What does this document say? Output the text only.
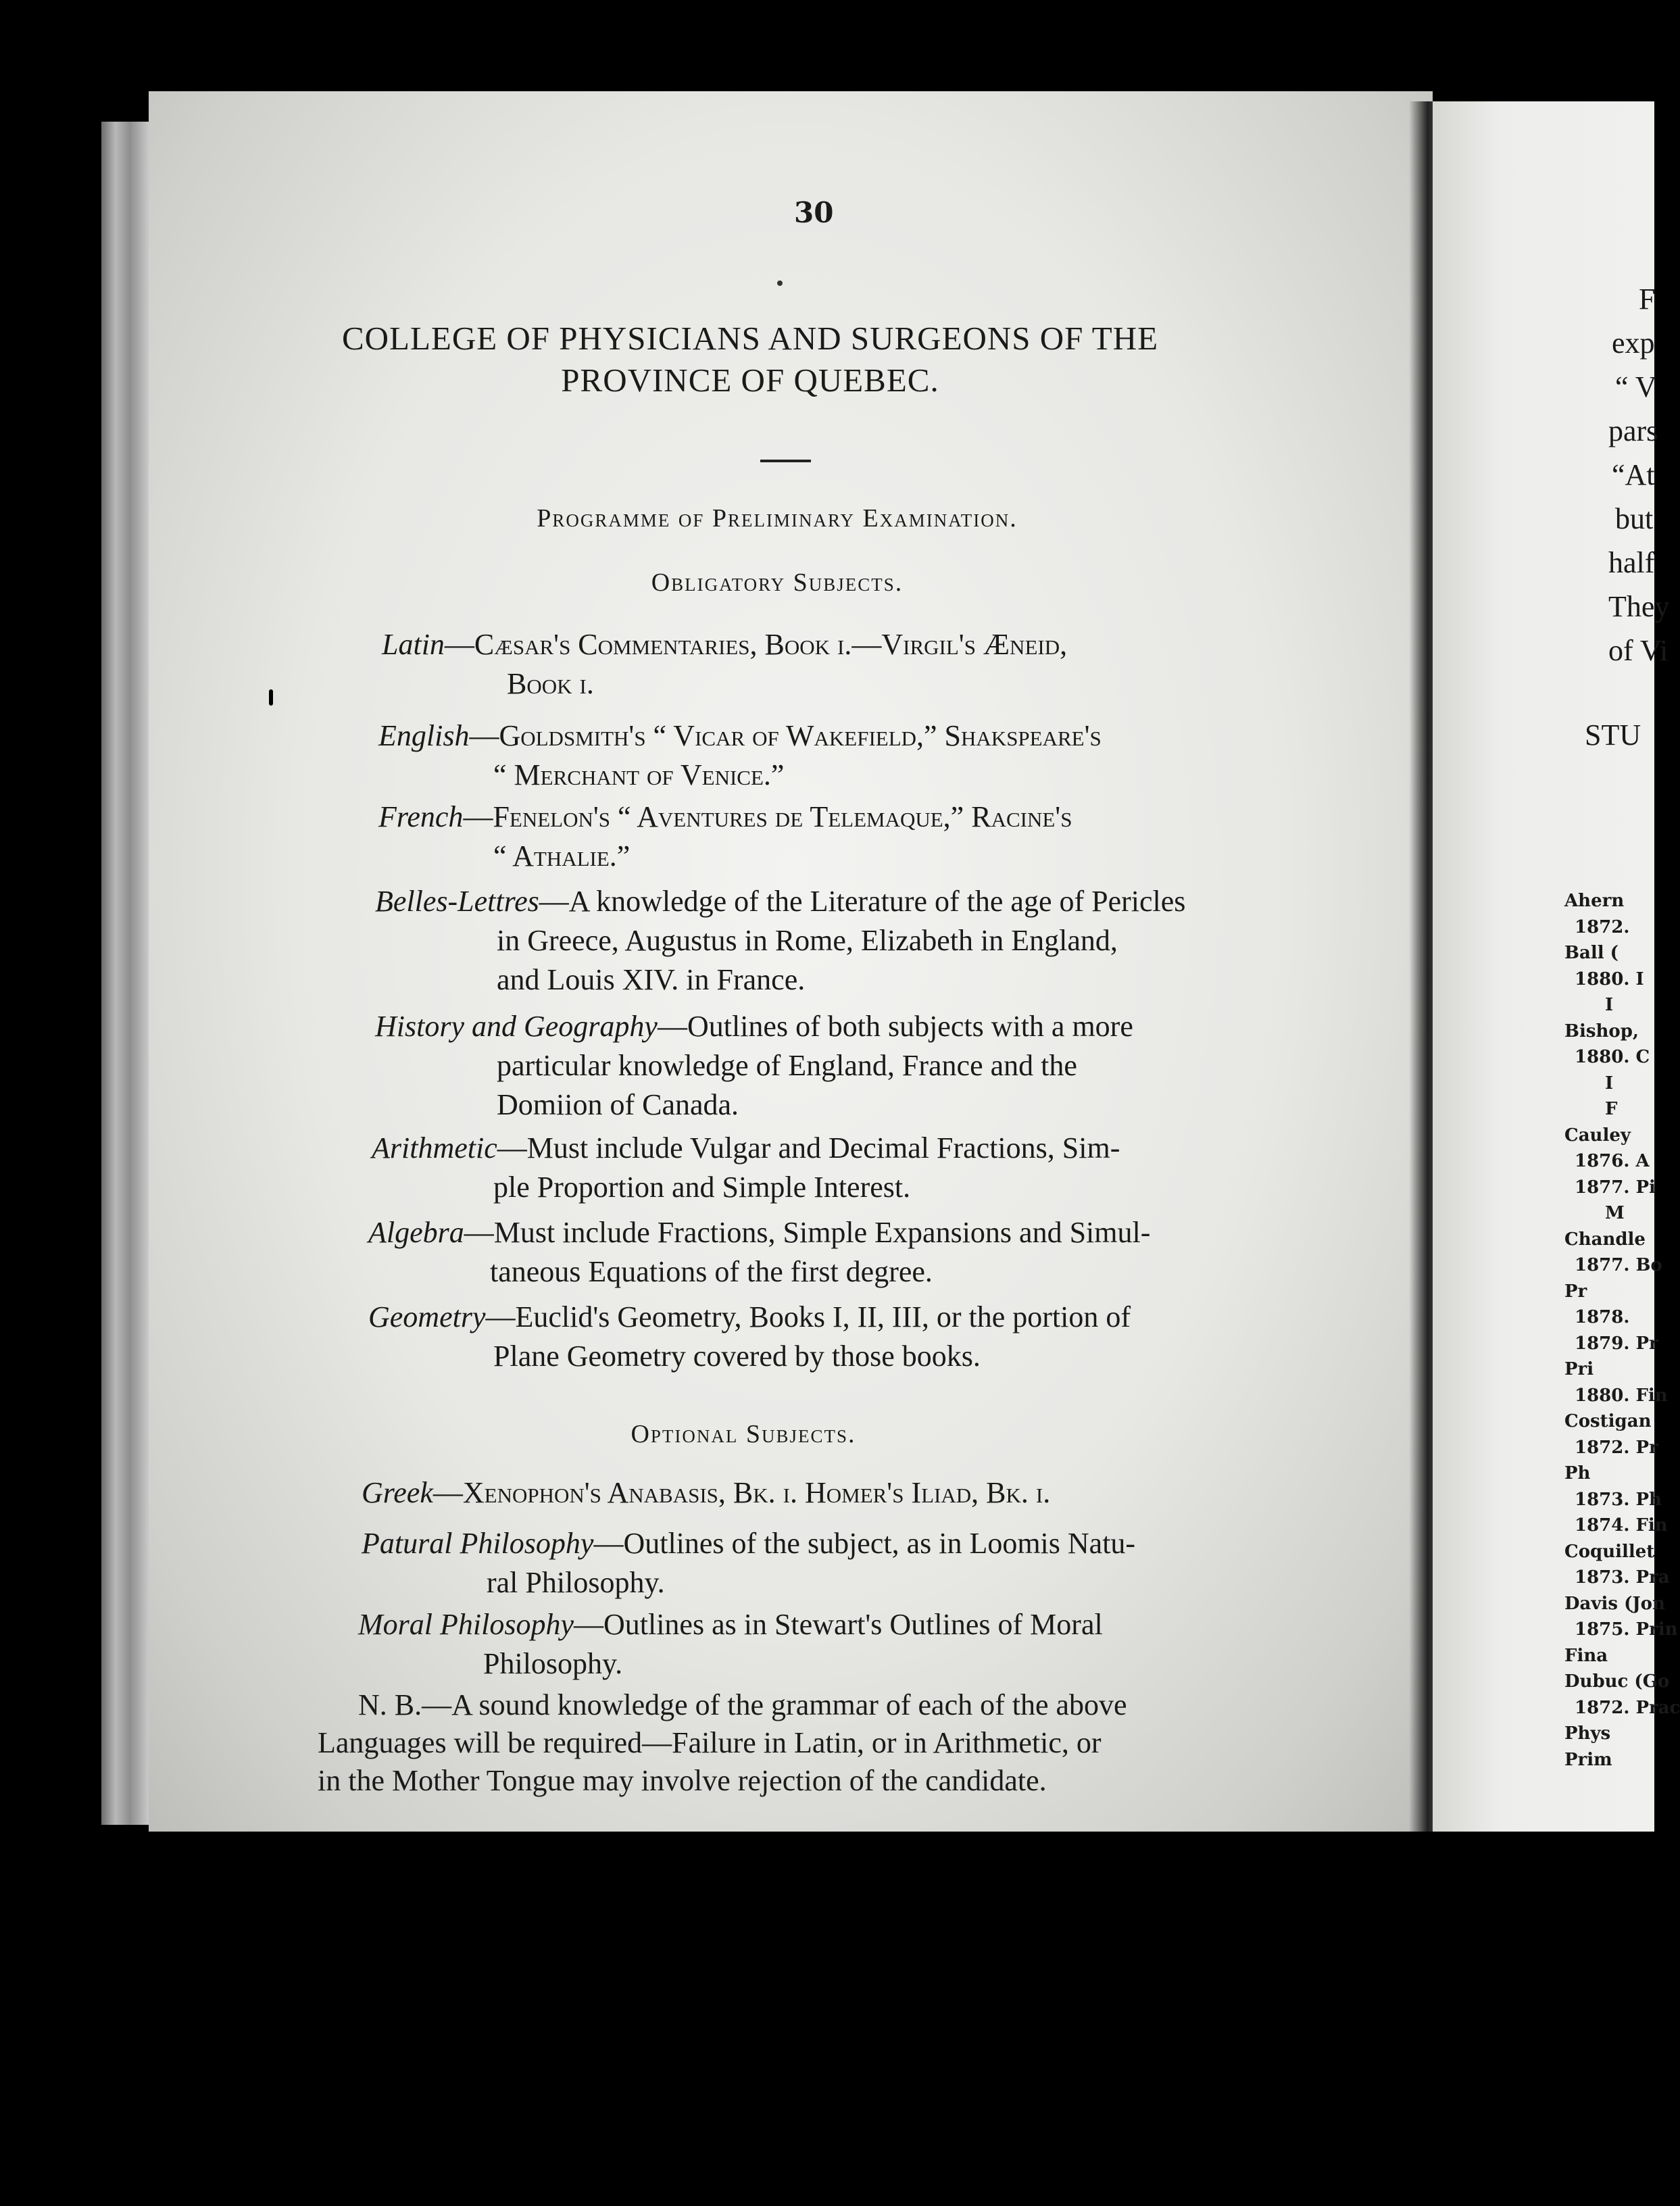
30
COLLEGE OF PHYSICIANS AND SURGEONS OF THE
PROVINCE OF QUEBEC.
Programme of Preliminary Examination.
Obligatory Subjects.
Latin—Cæsar's Commentaries, Book i.—Virgil's Æneid,
Book i.
English—Goldsmith's “ Vicar of Wakefield,” Shakspeare's
“ Merchant of Venice.”
French—Fenelon's “ Aventures de Telemaque,” Racine's
“ Athalie.”
Belles-Lettres—A knowledge of the Literature of the age of Pericles
in Greece, Augustus in Rome, Elizabeth in England,
and Louis XIV. in France.
History and Geography—Outlines of both subjects with a more
particular knowledge of England, France and the
Domiion of Canada.
Arithmetic—Must include Vulgar and Decimal Fractions, Sim-
ple Proportion and Simple Interest.
Algebra—Must include Fractions, Simple Expansions and Simul-
taneous Equations of the first degree.
Geometry—Euclid's Geometry, Books I, II, III, or the portion of
Plane Geometry covered by those books.
Optional Subjects.
Greek—Xenophon's Anabasis, Bk. i. Homer's Iliad, Bk. i.
Patural Philosophy—Outlines of the subject, as in Loomis Natu-
ral Philosophy.
Moral Philosophy—Outlines as in Stewart's Outlines of Moral
Philosophy.
N. B.—A sound knowledge of the grammar of each of the above
Languages will be required—Failure in Latin, or in Arithmetic, or
in the Mother Tongue may involve rejection of the candidate.
F
exp
“ V
pars
“At
but
half
They
of Vi
STU
Ahern
1872.
Ball (
1880. I
I
Bishop,
1880. C
I
F
Cauley
1876. A
1877. Pi
M
Chandle
1877. Bo
Pr
1878.
1879. Pr
Pri
1880. Fin
Costigan
1872. Pr
Ph
1873. Ph
1874. Fin
Coquillet
1873. Pra
Davis (Jon
1875. Prin
Fina
Dubuc (Go
1872. Prac
Phys
Prim
